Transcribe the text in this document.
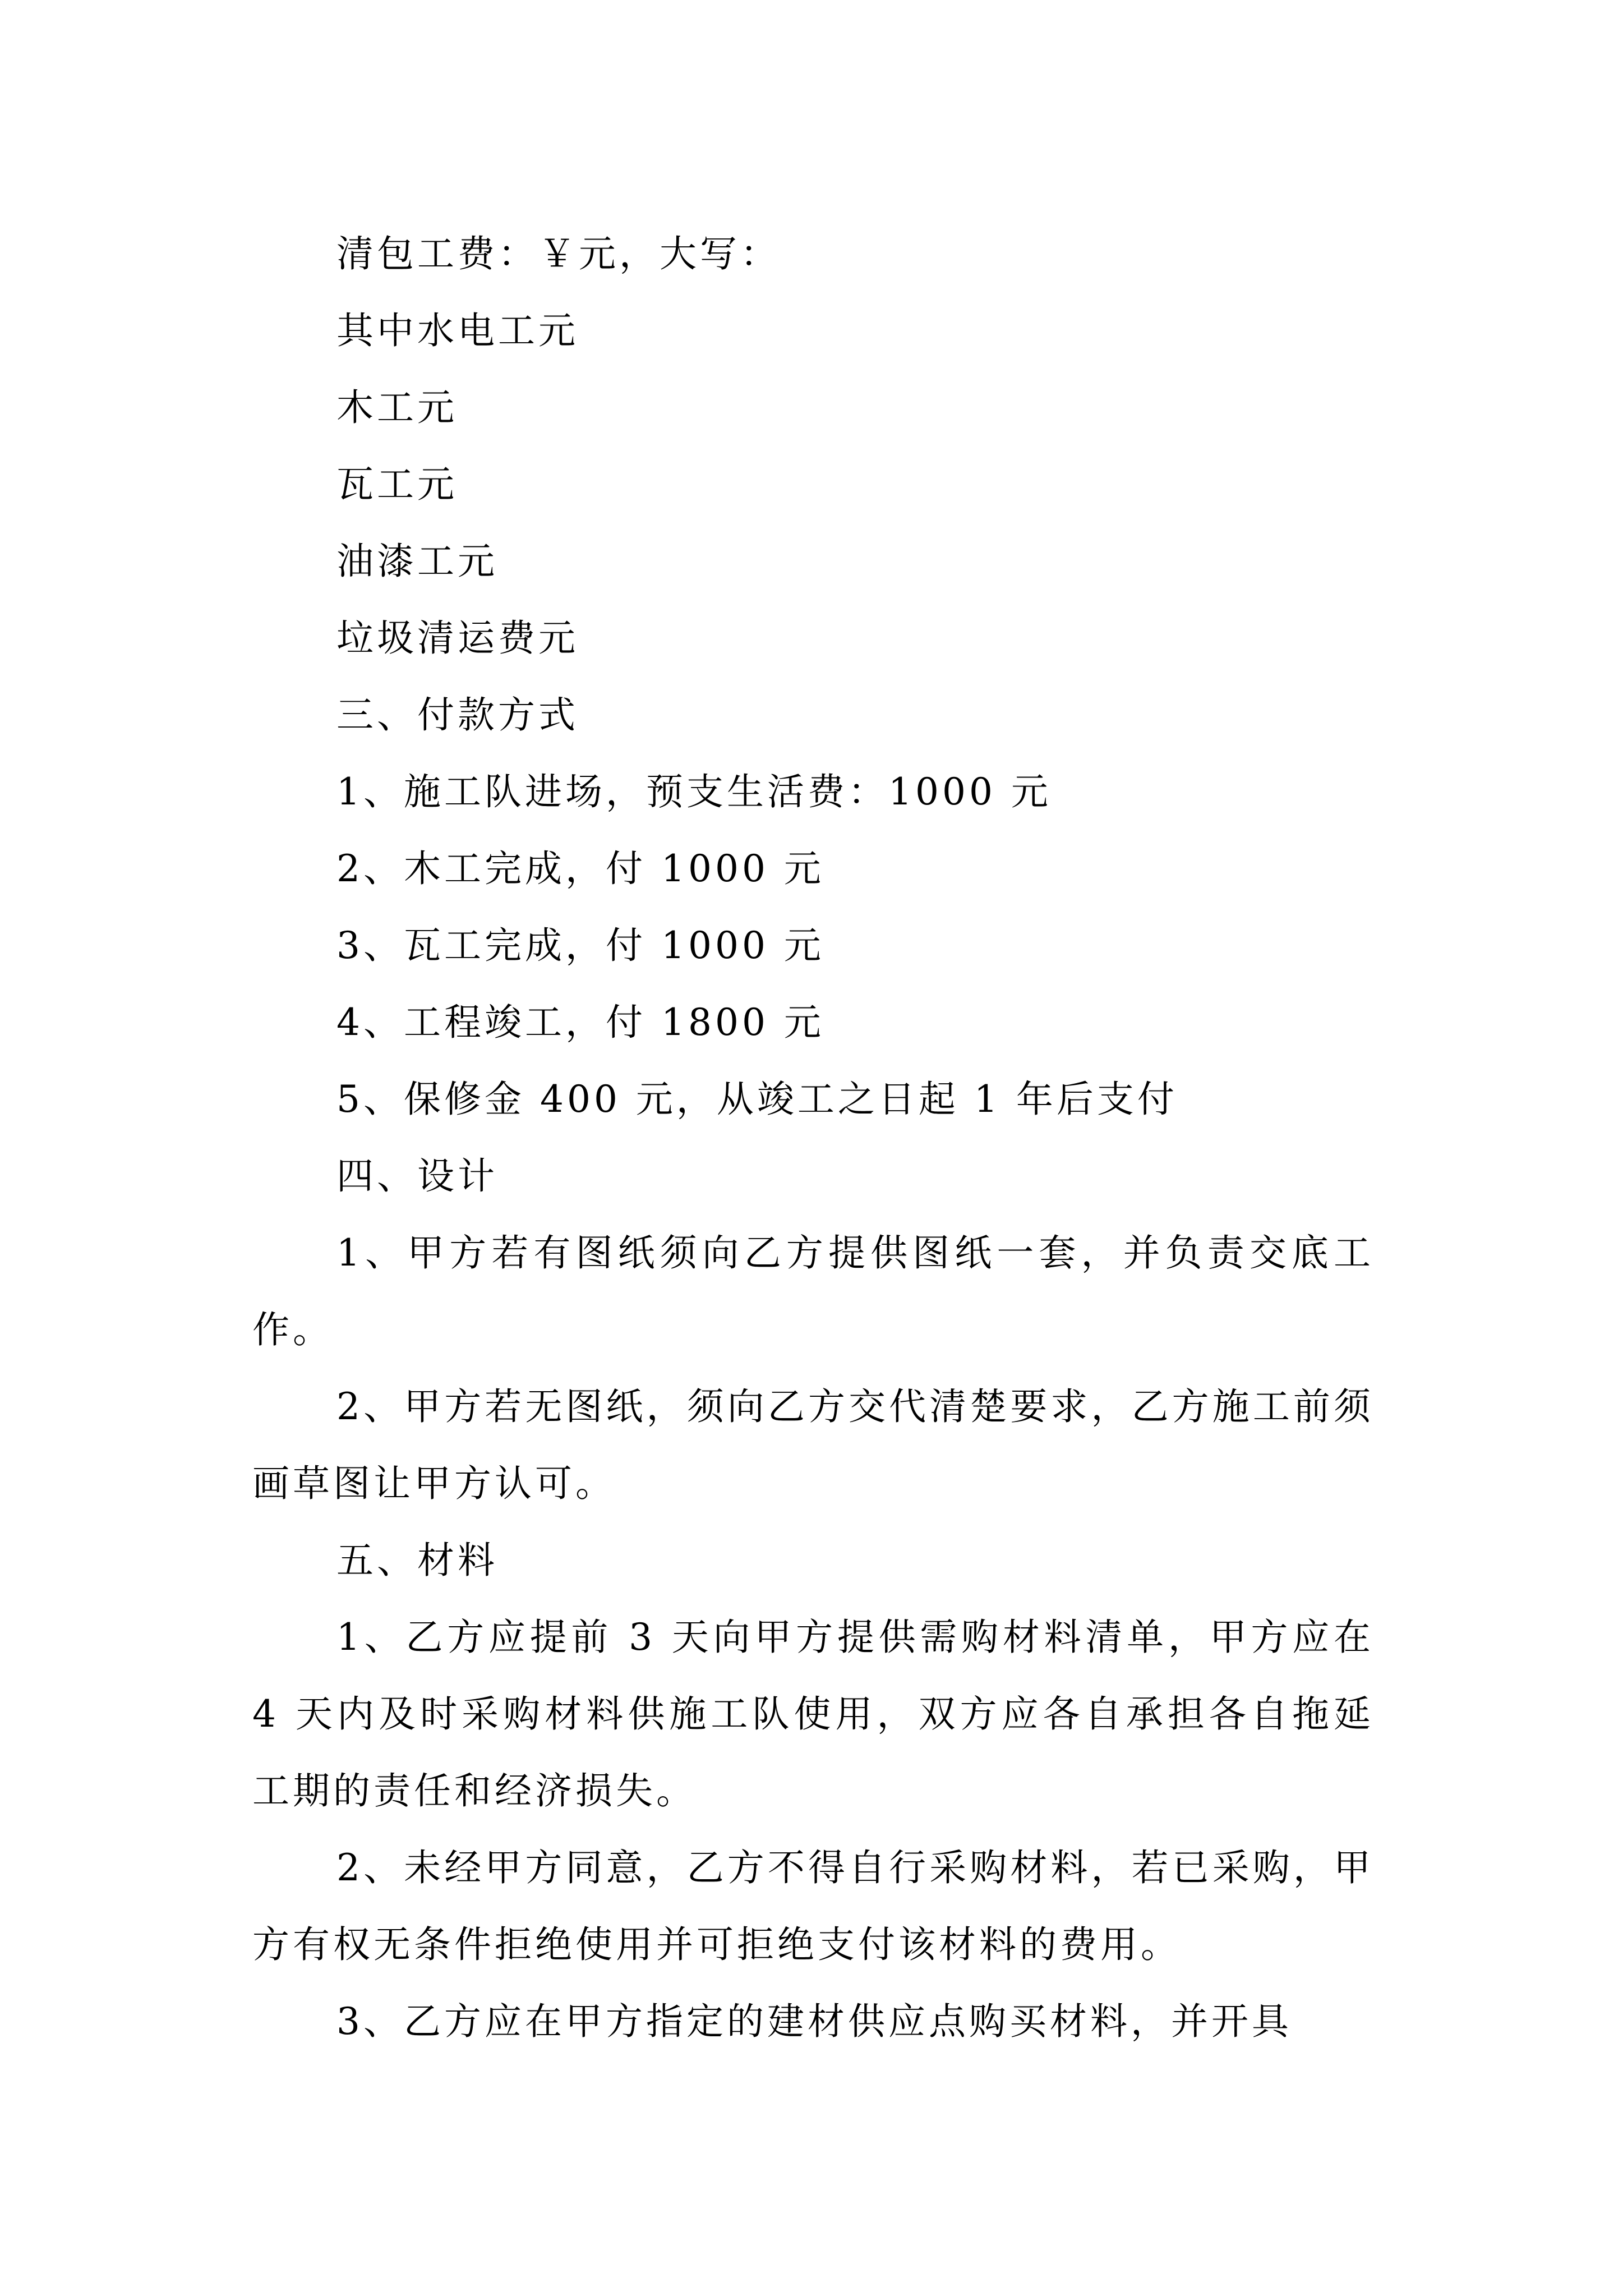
清包工费：￥元，大写：

其中水电工元

木工元

瓦工元

油漆工元

垃圾清运费元

三、付款方式

1、施工队进场，预支生活费：1000 元

2、木工完成，付 1000 元

3、瓦工完成，付 1000 元

4、工程竣工，付 1800 元

5、保修金 400 元，从竣工之日起 1 年后支付

四、设计

1、甲方若有图纸须向乙方提供图纸一套，并负责交底工作。

2、甲方若无图纸，须向乙方交代清楚要求，乙方施工前须画草图让甲方认可。

五、材料

1、乙方应提前 3 天向甲方提供需购材料清单，甲方应在 4 天内及时采购材料供施工队使用，双方应各自承担各自拖延工期的责任和经济损失。

2、未经甲方同意，乙方不得自行采购材料，若已采购，甲方有权无条件拒绝使用并可拒绝支付该材料的费用。

3、乙方应在甲方指定的建材供应点购买材料，并开具
